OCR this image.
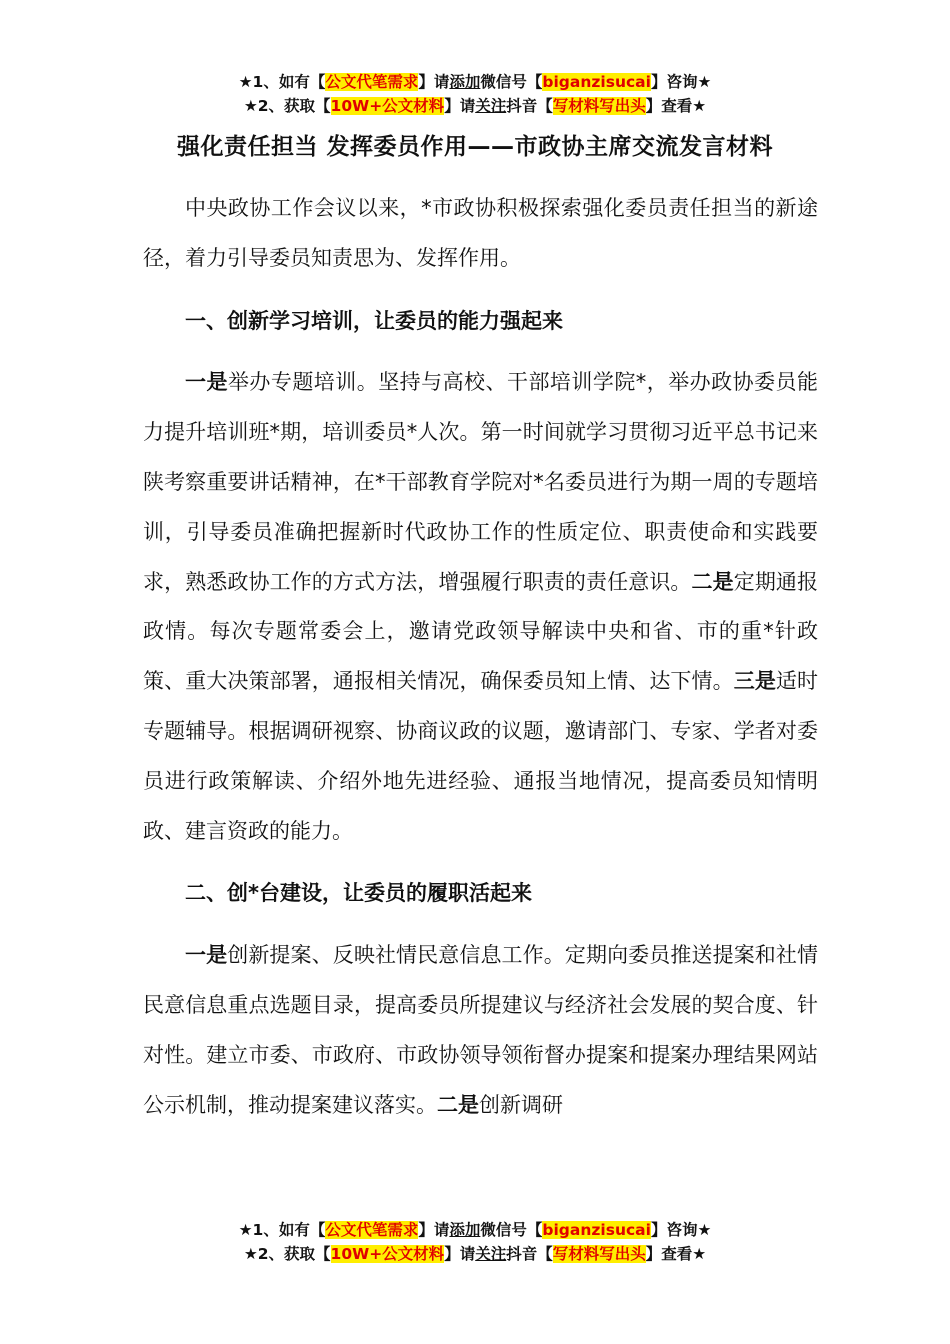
★1、如有【公文代笔需求】请添加微信号【biganzisucai】咨询★
★2、获取【10W+公文材料】请关注抖音【写材料写出头】查看★
强化责任担当 发挥委员作用——市政协主席交流发言材料

中央政协工作会议以来，*市政协积极探索强化委员责任担当的新途径，着力引导委员知责思为、发挥作用。

一、创新学习培训，让委员的能力强起来

一是举办专题培训。坚持与高校、干部培训学院*，举办政协委员能力提升培训班*期，培训委员*人次。第一时间就学习贯彻习近平总书记来陕考察重要讲话精神，在*干部教育学院对*名委员进行为期一周的专题培训，引导委员准确把握新时代政协工作的性质定位、职责使命和实践要求，熟悉政协工作的方式方法，增强履行职责的责任意识。二是定期通报政情。每次专题常委会上，邀请党政领导解读中央和省、市的重*针政策、重大决策部署，通报相关情况，确保委员知上情、达下情。三是适时专题辅导。根据调研视察、协商议政的议题，邀请部门、专家、学者对委员进行政策解读、介绍外地先进经验、通报当地情况，提高委员知情明政、建言资政的能力。

二、创*台建设，让委员的履职活起来

一是创新提案、反映社情民意信息工作。定期向委员推送提案和社情民意信息重点选题目录，提高委员所提建议与经济社会发展的契合度、针对性。建立市委、市政府、市政协领导领衔督办提案和提案办理结果网站公示机制，推动提案建议落实。二是创新调研

★1、如有【公文代笔需求】请添加微信号【biganzisucai】咨询★
★2、获取【10W+公文材料】请关注抖音【写材料写出头】查看★
